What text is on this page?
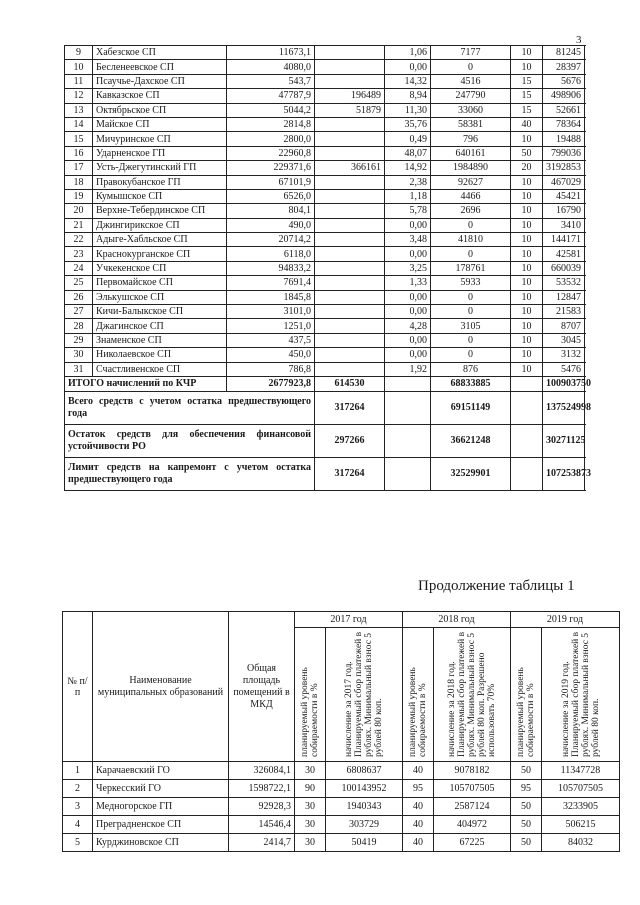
3
9	Хабезское СП	11673,1		1,06	7177	10	81245
10	Бесленеевское СП	4080,0		0,00	0	10	28397
11	Псаучье-Дахское СП	543,7		14,32	4516	15	5676
12	Кавказское СП	47787,9	196489	8,94	247790	15	498906
13	Октябрьское СП	5044,2	51879	11,30	33060	15	52661
14	Майское СП	2814,8		35,76	58381	40	78364
15	Мичуринское СП	2800,0		0,49	796	10	19488
16	Ударненское ГП	22960,8		48,07	640161	50	799036
17	Усть-Джегутинский ГП	229371,6	366161	14,92	1984890	20	3192853
18	Правокубанское ГП	67101,9		2,38	92627	10	467029
19	Кумышское СП	6526,0		1,18	4466	10	45421
20	Верхне-Тебердинское СП	804,1		5,78	2696	10	16790
21	Джингирикское СП	490,0		0,00	0	10	3410
22	Адыге-Хабльское СП	20714,2		3,48	41810	10	144171
23	Краснокурганское СП	6118,0		0,00	0	10	42581
24	Учкекенское СП	94833,2		3,25	178761	10	660039
25	Первомайское СП	7691,4		1,33	5933	10	53532
26	Элькушское СП	1845,8		0,00	0	10	12847
27	Кичи-Балыкское СП	3101,0		0,00	0	10	21583
28	Джагинское СП	1251,0		4,28	3105	10	8707
29	Знаменское СП	437,5		0,00	0	10	3045
30	Николаевское СП	450,0		0,00	0	10	3132
31	Счастливенское СП	786,8		1,92	876	10	5476
ИТОГО начислений по КЧР		2677923,8	614530		68833885		100903750
Всего средств с учетом остатка предшествующего года			317264		69151149		137524998
Остаток средств для обеспечения финансовой устойчивости РО			297266		36621248		30271125
Лимит средств на капремонт с учетом остатка предшествующего года			317264		32529901		107253873
Продолжение таблицы 1
№ п/п	Наименование муниципальных образований	Общая площадь помещений в МКД	2017 год		2018 год		2019 год	
			планируемый уровень собираемости в %	начисление за 2017 год. Планируемый сбор платежей в рублях. Минимальный взнос 5 рублей 80 коп.	планируемый уровень собираемости в %	начисление за 2018 год. Планируемый сбор платежей в рублях. Минимальный взнос 5 рублей 80 коп. Разрешено использовать 70%	планируемый уровень собираемости в %	начисление за 2019 год. Планируемый сбор платежей в рублях. Минимальный взнос 5 рублей 80 коп.
1	Карачаевский ГО	326084,1	30	6808637	40	9078182	50	11347728
2	Черкесский ГО	1598722,1	90	100143952	95	105707505	95	105707505
3	Медногорское ГП	92928,3	30	1940343	40	2587124	50	3233905
4	Преградненское СП	14546,4	30	303729	40	404972	50	506215
5	Курджиновское СП	2414,7	30	50419	40	67225	50	84032
